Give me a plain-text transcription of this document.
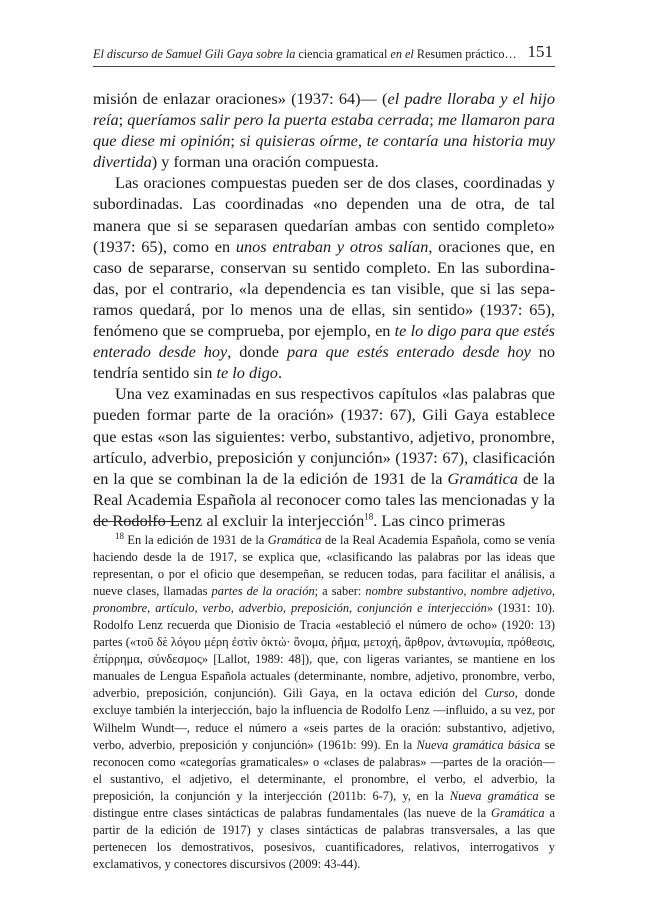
El discurso de Samuel Gili Gaya sobre la ciencia gramatical en el Resumen práctico… 151

misión de enlazar oraciones» (1937: 64)— (el padre lloraba y el hijo reía; queríamos salir pero la puerta estaba cerrada; me llamaron para que diese mi opinión; si quisieras oírme, te contaría una historia muy divertida) y forman una oración compuesta.

Las oraciones compuestas pueden ser de dos clases, coordinadas y subordinadas. Las coordinadas «no dependen una de otra, de tal manera que si se separasen quedarían ambas con sentido completo» (1937: 65), como en unos entraban y otros salían, oraciones que, en caso de separarse, conservan su sentido completo. En las subordinadas, por el contrario, «la dependencia es tan visible, que si las separamos quedará, por lo menos una de ellas, sin sentido» (1937: 65), fenómeno que se comprueba, por ejemplo, en te lo digo para que estés enterado desde hoy, donde para que estés enterado desde hoy no tendría sentido sin te lo digo.

Una vez examinadas en sus respectivos capítulos «las palabras que pueden formar parte de la oración» (1937: 67), Gili Gaya establece que estas «son las siguientes: verbo, substantivo, adjetivo, pronombre, artículo, adverbio, preposición y conjunción» (1937: 67), clasificación en la que se combinan la de la edición de 1931 de la Gramática de la Real Academia Española al reconocer como tales las mencionadas y la de Rodolfo Lenz al excluir la interjección$^{18}$. Las cinco primeras

$^{18}$ En la edición de 1931 de la Gramática de la Real Academia Española, como se venía haciendo desde la de 1917, se explica que, «clasificando las palabras por las ideas que representan, o por el oficio que desempeñan, se reducen todas, para facilitar el análisis, a nueve clases, llamadas partes de la oración; a saber: nombre substantivo, nombre adjetivo, pronombre, artículo, verbo, adverbio, preposición, conjunción e interjección» (1931: 10). Rodolfo Lenz recuerda que Dionisio de Tracia «estableció el número de ocho» (1920: 13) partes («τοῦ δὲ λόγου μέρη ἐστὶν ὀκτώ· ὄνομα, ῥῆμα, μετοχή, ἄρθρον, ἀντωνυμία, πρόθεσις, ἐπίρρημα, σύνδεσμος» [Lallot, 1989: 48]), que, con ligeras variantes, se mantiene en los manuales de Lengua Española actuales (determinante, nombre, adjetivo, pronombre, verbo, adverbio, preposición, conjunción). Gili Gaya, en la octava edición del Curso, donde excluye también la interjección, bajo la influencia de Rodolfo Lenz —influido, a su vez, por Wilhelm Wundt—, reduce el número a «seis partes de la oración: substantivo, adjetivo, verbo, adverbio, preposición y conjunción» (1961b: 99). En la Nueva gramática básica se reconocen como «categorías gramaticales» o «clases de palabras» —partes de la oración— el sustantivo, el adjetivo, el determinante, el pronombre, el verbo, el adverbio, la preposición, la conjunción y la interjección (2011b: 6-7), y, en la Nueva gramática se distingue entre clases sintácticas de palabras fundamentales (las nueve de la Gramática a partir de la edición de 1917) y clases sintácticas de palabras transversales, a las que pertenecen los demostrativos, posesivos, cuantificadores, relativos, interrogativos y exclamativos, y conectores discursivos (2009: 43-44).
